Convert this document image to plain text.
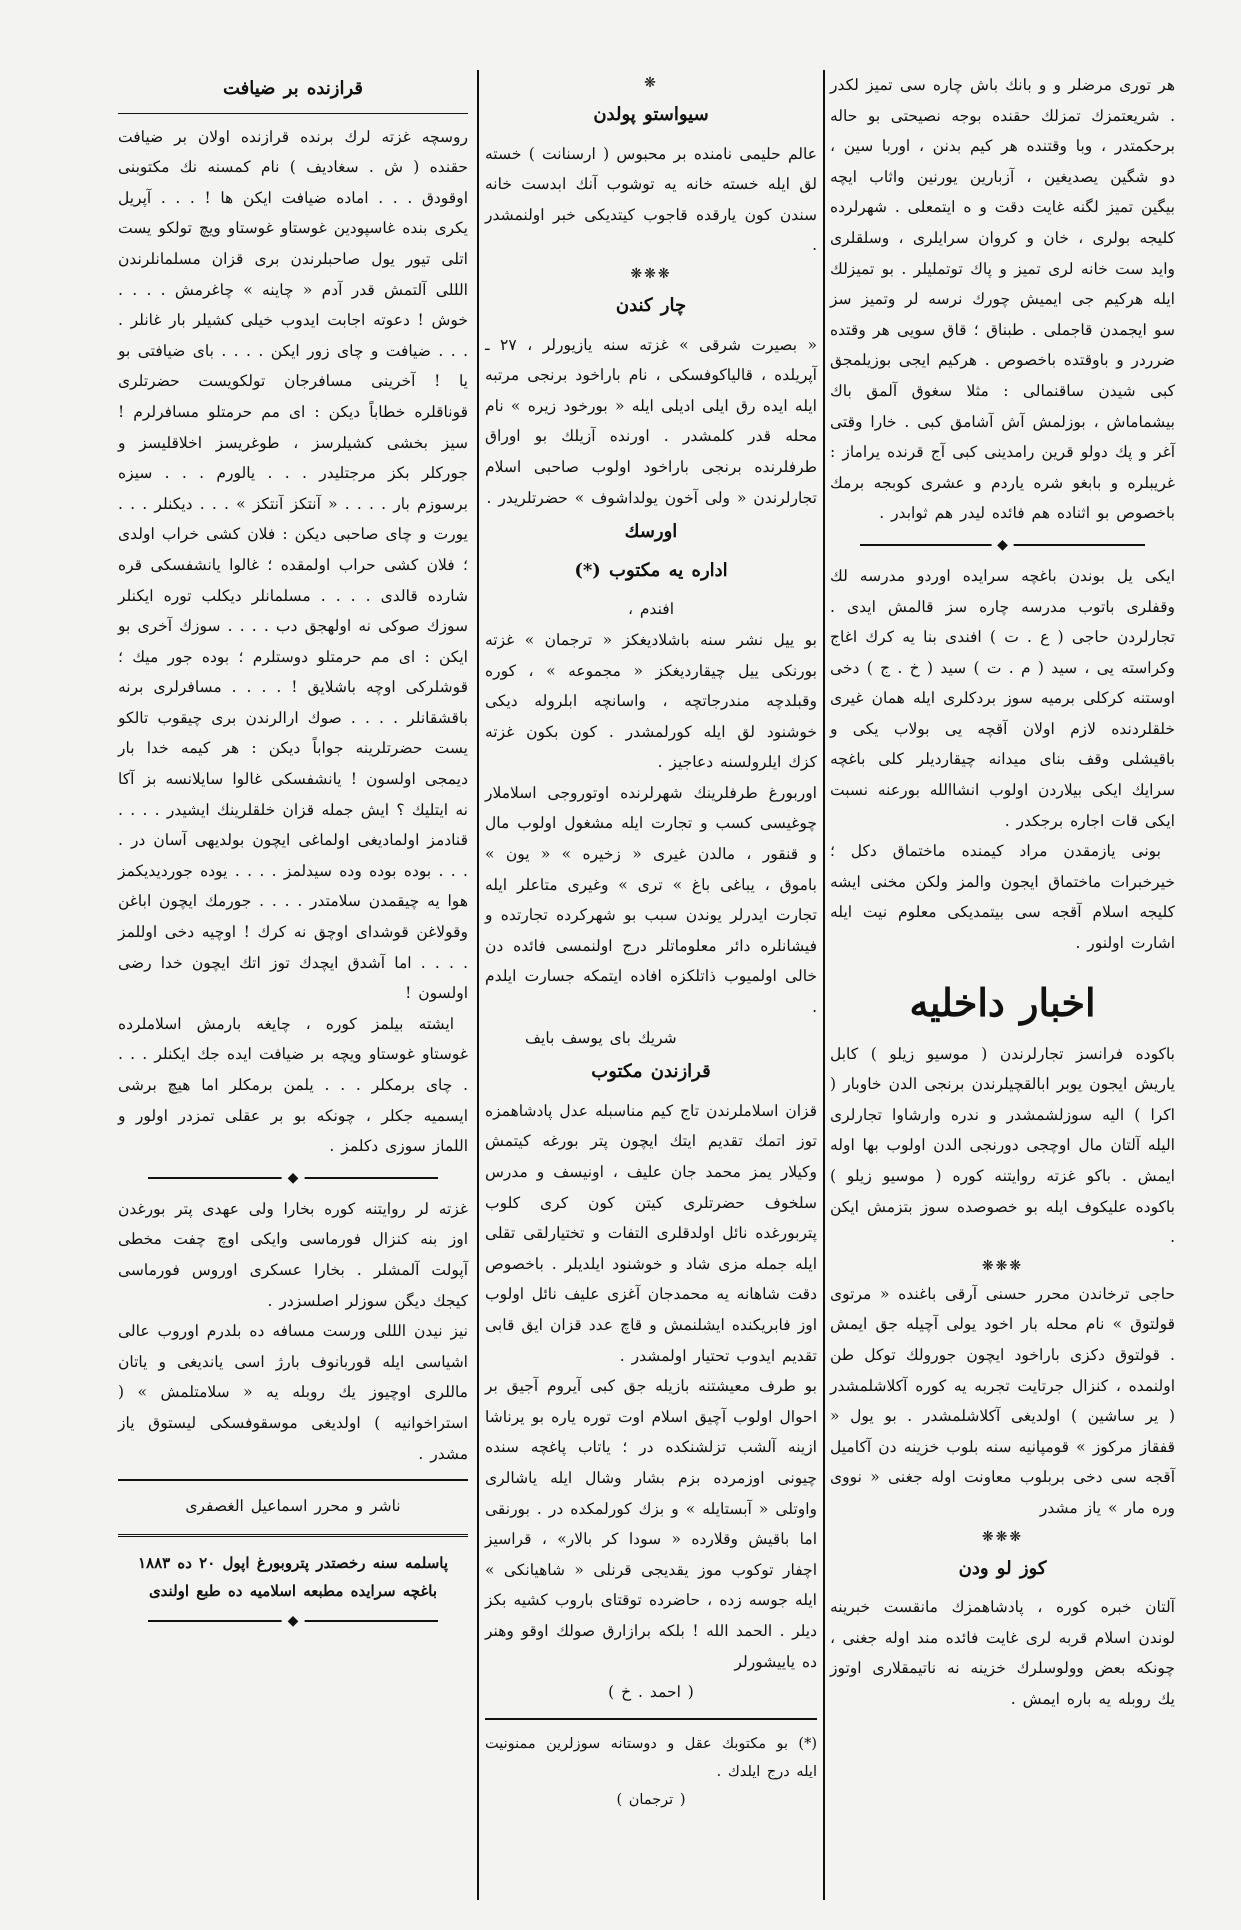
هر توری مرضلر و و بانك باش چاره سی تمیز لکدر . شریعتمزك تمزلك حقنده بوجه نصیحتی بو حاله برحکمتدر ، وبا وقتنده هر کیم بدنن ، اوربا سین ، دو شگین یصدیغین ، آزبارین یورنین واثاب ایچه بیگین تمیز لگنه غایت دقت و ه ایتمعلی . شهرلرده کلیجه بولری ، خان و کروان سرایلری ، وسلقلری واید ست خانه لری تمیز و پاك توتملیلر . بو تمیزلك ایله هرکیم جی ایمیش چورك نرسه لر وتمیز سز سو ایجمدن قاجملی . طبناق ؛ قاق سویی هر وقتده ضرردر و باوقتده باخصوص . هرکیم ایجی بوزیلمجق کبی شیدن ساقنمالی : مثلا سغوق آلمق باك بیشماماش ، بوزلمش آش آشامق کبی . خارا وقتی آغر و پك دولو قرین رامدینی کبی آج قرنده یراماز : غریبلره و بابغو شره یاردم و عشری کوبجه برمك باخصوص بو اثناده هم فائده لیدر هم ثوابدر .

◆

ایکی یل بوندن باغچه سرایده اوردو مدرسه لك وقفلری باتوب مدرسه چاره سز قالمش ایدی . تجارلردن حاجی ( ع . ت ) افندی بنا یه کرك اغاج وکراسته یی ، سید ( م . ت ) سید ( خ . ج ) دخی اوستنه کرکلی برمیه سوز بردکلری ایله همان غیری خلقلردنده لازم اولان آقچه یی بولاب یکی و باقیشلی وقف بنای میدانه چیقاردیلر کلی باغچه سرایك ایکی بیلاردن اولوب انشاالله بورعنه نسبت ایکی قات اجاره برجکدر .

بونی یازمقدن مراد کیمنده ماختماق دکل ؛ خیرخبرات ماختماق ایجون والمز ولکن مخنی ایشه کلیجه اسلام آقجه سی بیتمدیکی معلوم نیت ایله اشارت اولنور .

اخبار داخلیه

باکوده فرانسز تجارلرندن ( موسیو زیلو ) کابل یاریش ایجون یوبر ابالقچیلرندن برنجی الدن خاوبار ( اکرا ) الیه سوزلشمشدر و ندره وارشاوا تجارلری الیله آلتان مال اوچجی دورنجی الدن اولوب بها اوله ایمش . باکو غزته روایتنه کوره ( موسیو زیلو ) باکوده علیکوف ایله بو خصوصده سوز بتزمش ایکن .

❋❋❋

حاجی ترخاندن محرر حسنی آرقی باغنده « مرتوی قولتوق » نام محله بار اخود یولی آچیله جق ایمش . قولتوق دکزی باراخود ایچون جورولك توکل طن اولنمده ، کنزال جرتایت تجربه یه کوره آکلاشلمشدر ( یر ساشین ) اولدیغی آکلاشلمشدر . بو یول « قفقاز مرکوز » قومپانیه سنه بلوب خزینه دن آکامیل آقجه سی دخی بربلوب معاونت اوله جغنی « نووی وره مار » یاز مشدر

❋❋❋
کوز لو ودن

آلتان خبره کوره ، پادشاهمزك مانقست خبرینه لوندن اسلام قربه لری غایت فائده مند اوله جغنی ، چونکه بعض وولوسلرك خزینه نه ناتیمقلاری اوتوز یك روبله یه باره ایمش .

❋
سیواستو پولدن

عالم حلیمی نامنده بر محبوس ( ارسنانت ) خسته لق ایله خسته خانه یه توشوب آنك ابدست خانه سندن کون یارقده قاجوب کیتدیکی خبر اولنمشدر .

❋❋❋
چار کندن

« بصیرت شرقی » غزته سنه یازیورلر ، ۲۷ ـ آپریلده ، قالیاکوفسکی ، نام باراخود برنجی مرتبه ایله ایده رق ایلی ادیلی ایله « بورخود زیره » نام محله قدر کلمشدر . اورنده آزیلك بو اوراق طرفلرنده برنجی باراخود اولوب صاحبی اسلام تجارلرندن « ولی آخون یولداشوف » حضرتلریدر .

اورسك
اداره یه مکتوب (*)

افندم ،

بو ییل نشر سنه باشلادیغکز « ترجمان » غزته بورنکی ییل چیقاردیغکز « مجموعه » ، کوره وقبلدچه مندرجاتچه ، واسانچه ابلروله دیکی خوشنود لق ایله کورلمشدر . کون بکون غزته کزك ایلرولسنه دعاجیز .

اوربورغ طرفلرینك شهرلرنده اوتوروجی اسلاملار چوغیسی کسب و تجارت ایله مشغول اولوب مال و قنقور ، مالدن غیری « زخیره » « یون » باموق ، یباغی باغ » تری » وغیری متاعلر ایله تجارت ایدرلر یوندن سبب بو شهرکرده تجارتده و فیشانلره دائر معلوماتلر درج اولنمسی فائده دن خالی اولمیوب ذاتلکزه افاده ایتمکه جسارت ایلدم .

شریك بای یوسف بایف

قرازندن مکتوب

قزان اسلاملرندن تاج کیم مناسبله عدل پادشاهمزه توز اتمك تقدیم ایتك ایچون پتر بورغه کیتمش وکیلار یمز محمد جان علیف ، اونیسف و مدرس سلخوف حضرتلری کیتن کون کری کلوب پتربورغده نائل اولدقلری التفات و تختیارلقی تقلی ایله جمله مزی شاد و خوشنود ایلدیلر . باخصوص دقت شاهانه یه محمدجان آغزی علیف نائل اولوب اوز فابریکنده ایشلنمش و قاچ عدد قزان ایق قابی تقدیم ایدوب تحتیار اولمشدر .

بو طرف معیشتنه بازیله جق کبی آیروم آجیق بر احوال اولوب آچیق اسلام اوت توره یاره بو یرناشا ازینه آلشب تزلشنکده در ؛ یاتاب پاغچه سنده چیونی اوزمرده بزم بشار وشال ایله یاشالری واوتلی « آبستایله » و بزك کورلمکده در . بورنقی اما باقیش وقلارده « سودا کر بالار» ، قراسیز اچفار توکوب موز یقدیجی قرنلی « شاهیانکی » ایله جوسه زده ، حاضرده توقتای باروب کشیه بکز دیلر . الحمد الله ! بلکه برازارق صولك اوقو وهنر ده یاییشورلر

( احمد . خ )

(*) بو مکتوبك عقل و دوستانه سوزلرین ممنونیت ایله درج ایلدك .

( ترجمان )

قرازنده بر ضیافت

روسچه غزته لرك برنده قرازنده اولان بر ضیافت حقنده ( ش . سغادیف ) نام کمسنه نك مکتوبنی اوقودق . . . اماده ضیافت ایکن ها ! . . . آپریل یکری بنده غاسپودین غوستاو غوستاو ویچ تولکو یست اتلی تیور یول صاحبلرندن بری قزان مسلمانلرندن الللی آلتمش قدر آدم « چاینه » چاغرمش . . . . خوش ! دعوته اجابت ایدوب خیلی کشیلر بار غانلر . . . . ضیافت و چای زور ایکن . . . . بای ضیافتی بو یا ! آخرینی مسافرجان تولکویست حضرتلری قوناقلره خطاباً دیکن : ای مم حرمتلو مسافرلرم ! سیز بخشی کشیلرسز ، طوغریسز اخلاقلیسز و جورکلر بکز مرجتلیدر . . . یالورم . . . سیزه برسوزم بار . . . . « آنتکز آنتکز » . . . دیکنلر . . . یورت و چای صاحبی دیکن : فلان کشی خراب اولدی ؛ فلان کشی حراب اولمقده ؛ غالوا یانشفسکی قره شارده قالدی . . . . مسلمانلر دیکلب توره ایکنلر سوزك صوکی نه اولهجق دب . . . . سوزك آخری بو ایکن : ای مم حرمتلو دوستلرم ؛ بوده جور میك ؛ قوشلرکی اوچه باشلایق ! . . . . مسافرلری برنه باقشقانلر . . . . صوك ارالرندن بری چیقوب تالکو یست حضرتلرینه جواباً دیکن : هر کیمه خدا بار دیمجی اولسون ! یانشفسکی غالوا سایلانسه بز آکا نه ایتلیك ؟ ایش جمله قزان خلقلرینك ایشیدر . . . . قنادمز اولمادیغی اولماغی ایچون بولدیهی آسان در . . . . بوده بوده وده سیدلمز . . . . یوده جوردیدیکمز هوا یه چیقمدن سلامتدر . . . . جورمك ایچون اباغن وقولاغن قوشدای اوچق نه کرك ! اوچیه دخی اوللمز . . . . اما آشدق ایچدك توز اتك ایچون خدا رضی اولسون !

ایشته بیلمز کوره ، چایغه بارمش اسلاملرده غوستاو غوستاو ویچه بر ضیافت ایده جك ایکنلر . . . . چای برمکلر . . . یلمن برمکلر اما هیچ برشی ایسمیه جکلر ، چونکه بو بر عقلی تمزدر اولور و اللماز سوزی دکلمز .

◆

غزته لر روایتنه کوره بخارا ولی عهدی پتر بورغدن اوز بنه کنزال فورماسی وایکی اوچ چفت مخطی آپولت آلمشلر . بخارا عسکری اوروس فورماسی کیجك دیگن سوزلر اصلسزدر .

نیز نیدن الللی ورست مسافه ده بلدرم اوروب عالی اشیاسی ایله قوربانوف بارژ اسی یاندیغی و یاتان ماللری اوچیوز یك روبله یه « سلامتلمش » ( استراخوانیه ) اولدیغی موسقوفسکی لیستوق یاز مشدر .

ناشر و محرر اسماعیل الغصفری

پاسلمه سنه رخصتدر پتروبورغ اپول ۲۰ ده ۱۸۸۳

باغچه سرایده مطبعه اسلامیه ده طبع اولندی

◆
